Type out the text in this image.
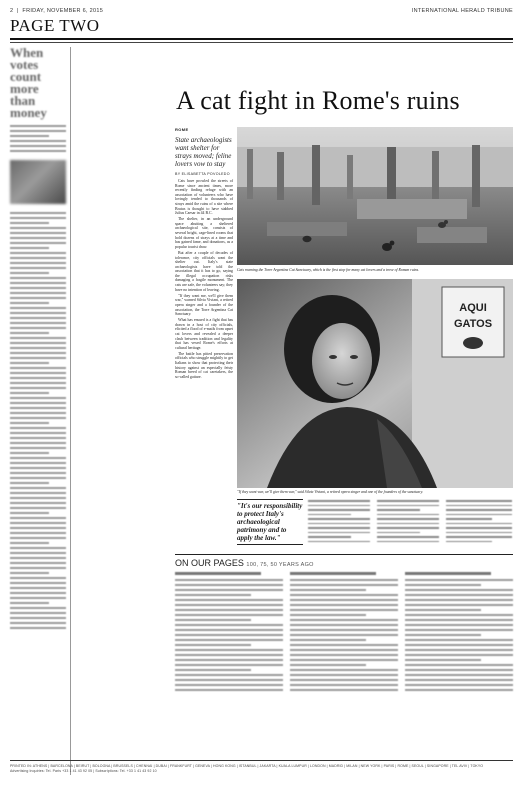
2  |  FRIDAY, NOVEMBER 6, 2015	INTERNATIONAL HERALD TRIBUNE
PAGE TWO
When votes count more than money	A cat fight in Rome's ruins
ROME
State archaeologists want shelter for strays moved; feline lovers vow to stay
BY ELISABETTA POVOLEDO

Cats have prowled the streets of Rome since ancient times, more recently finding refuge with an association of volunteers who have lovingly tended to thousands of strays amid the ruins of a site where Brutus is thought to have stabbed Julius Caesar in 44 B.C.

The shelter, in an underground space abutting a sheltered archaeological site, consists of several bright, cage-lined rooms that hold dozens of strays at a time and has gained fame, and donations, as a popular tourist draw.

But after a couple of decades of tolerance, city officials want the shelter out. Italy's state archaeologists have told the association that it has to go, saying the illegal occupation risks damaging a fragile monument. The cats are safe, the volunteers say; they have no intention of leaving.

"If they want me, we'll give them war," warned Silvia Viviani, a retired opera singer and a founder of the association, the Torre Argentina Cat Sanctuary.

What has ensued is a fight that has drawn in a host of city officials, elicited a flood of e-mails from upset cat lovers and revealed a deeper clash between tradition and legality that has vexed Rome's efforts at cultural heritage.

The battle has pitted preservation officials who struggle mightily to get Italians to show that protecting their history against an especially feisty Roman breed of cat caretakers, the so-called gattare.

Cats roaming the Torre Argentina Cat Sanctuary, which is the first stop for many cat lovers and a trove of Roman ruins.
AQUI
GATOS
"If they want war, we'll give them war," said Silvia Viviani, a retired opera singer and one of the founders of the sanctuary.
"It's our responsibility to protect Italy's archaeological patrimony and to apply the law."
ON OUR PAGES 100, 75, 50 YEARS AGO
PRINTED IN: ATHENS | BARCELONA | BEIRUT | BOLOGNA | BRUSSELS | CHENNAI | DUBAI | FRANKFURT | GENEVA | HONG KONG | ISTANBUL | JAKARTA | KUALA LUMPUR | LONDON | MADRID | MILAN | NEW YORK | PARIS | ROME | SEOUL | SINGAPORE | TEL AVIV | TOKYO
Advertising Inquiries: Tel. Paris +33 1 41 43 92 05 | Subscriptions: Tel. +33 1 41 43 92 10
